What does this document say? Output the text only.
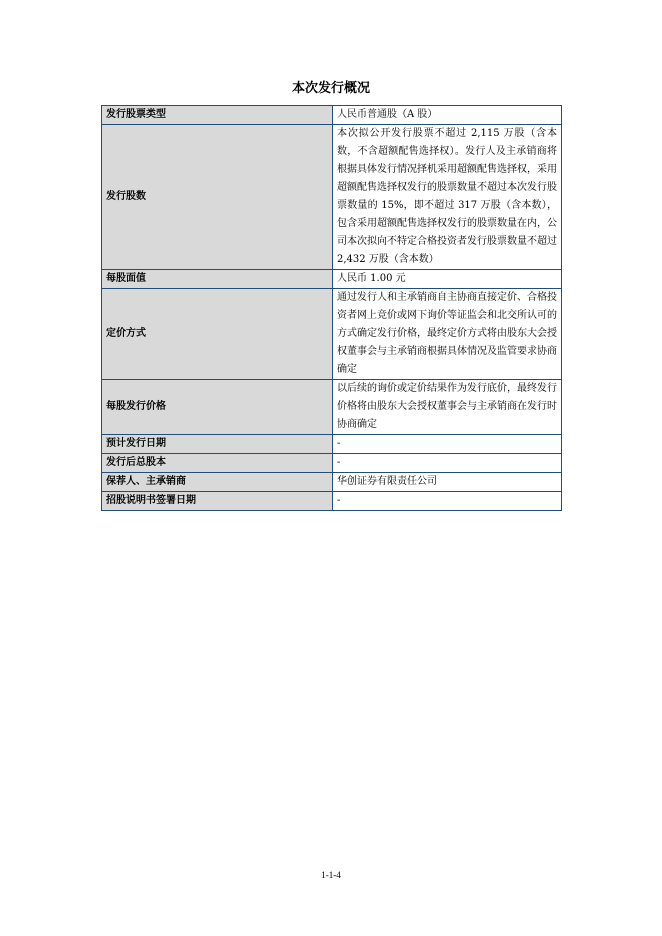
本次发行概况
发行股票类型	人民币普通股（A 股）
发行股数	本次拟公开发行股票不超过 2,115 万股（含本数，不含超额配售选择权）。发行人及主承销商将根据具体发行情况择机采用超额配售选择权，采用超额配售选择权发行的股票数量不超过本次发行股票数量的 15%，即不超过 317 万股（含本数），包含采用超额配售选择权发行的股票数量在内，公司本次拟向不特定合格投资者发行股票数量不超过 2,432 万股（含本数）
每股面值	人民币 1.00 元
定价方式	通过发行人和主承销商自主协商直接定价、合格投资者网上竞价或网下询价等证监会和北交所认可的方式确定发行价格，最终定价方式将由股东大会授权董事会与主承销商根据具体情况及监管要求协商确定
每股发行价格	以后续的询价或定价结果作为发行底价，最终发行价格将由股东大会授权董事会与主承销商在发行时协商确定
预计发行日期	-
发行后总股本	-
保荐人、主承销商	华创证券有限责任公司
招股说明书签署日期	-
1-1-4
